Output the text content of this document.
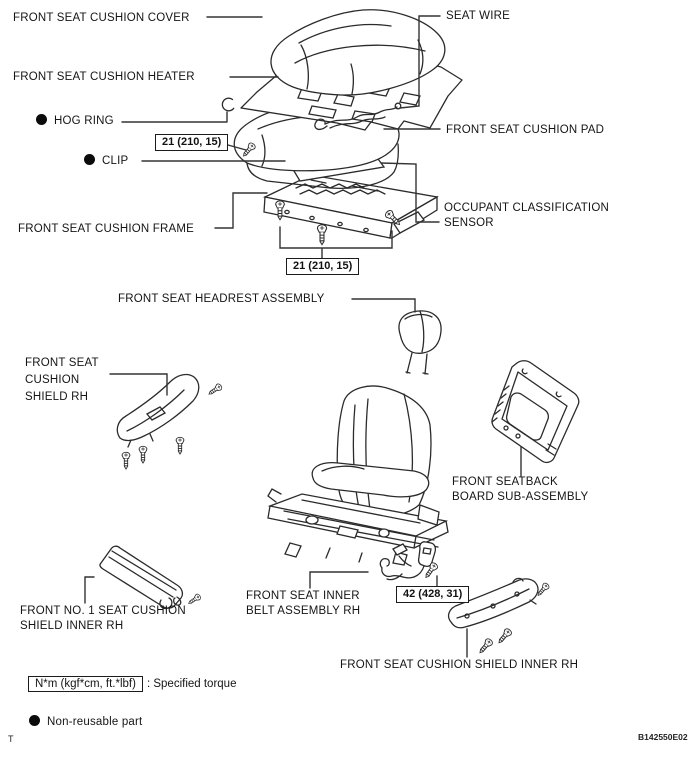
FRONT SEAT CUSHION COVER	SEAT WIRE
FRONT SEAT CUSHION HEATER
HOG RING
21 (210, 15)
CLIP
FRONT SEAT CUSHION PAD
OCCUPANT CLASSIFICATION
SENSOR
FRONT SEAT CUSHION FRAME
21 (210, 15)
FRONT SEAT HEADREST ASSEMBLY
FRONT SEAT
CUSHION
SHIELD RH
FRONT SEATBACK
BOARD SUB-ASSEMBLY
FRONT NO. 1 SEAT CUSHION
SHIELD INNER RH
FRONT SEAT INNER
BELT ASSEMBLY RH
42 (428, 31)
FRONT SEAT CUSHION SHIELD INNER RH
N*m (kgf*cm, ft.*lbf) : Specified torque
Non-reusable part
T	B142550E02
